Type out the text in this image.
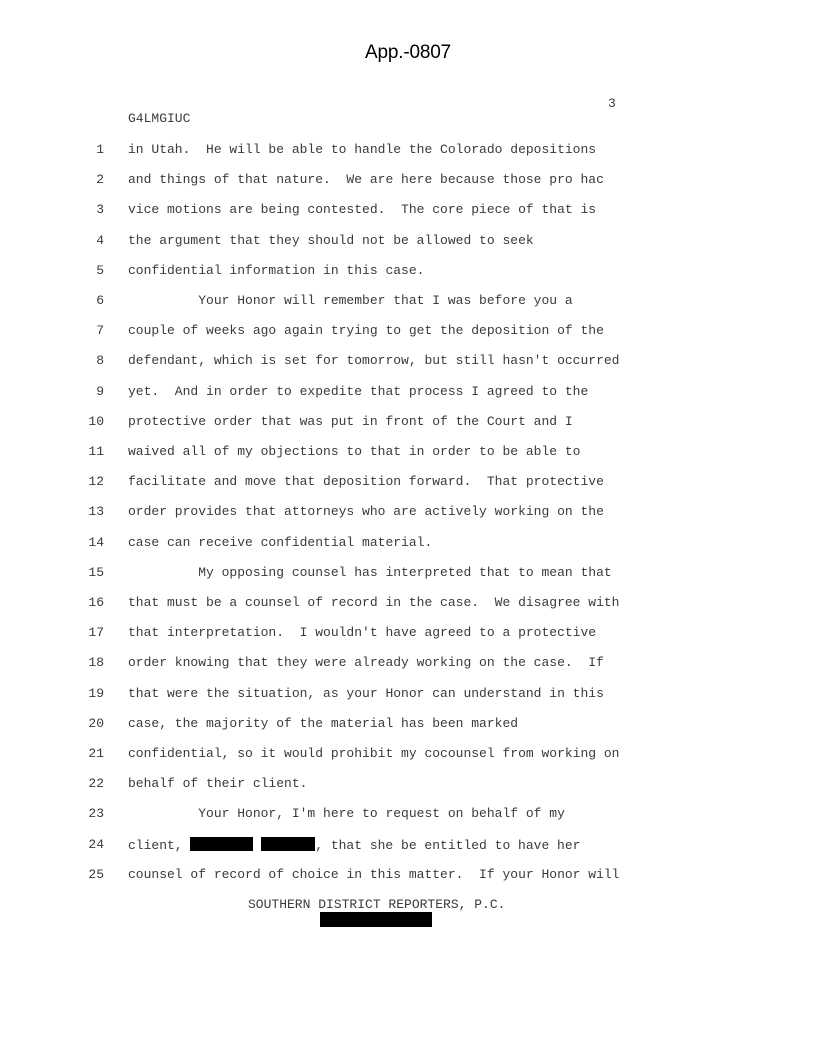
App.-0807
3
G4LMGIUC
1 in Utah.  He will be able to handle the Colorado depositions
2 and things of that nature.  We are here because those pro hac
3 vice motions are being contested.  The core piece of that is
4 the argument that they should not be allowed to seek
5 confidential information in this case.
6 Your Honor will remember that I was before you a
7 couple of weeks ago again trying to get the deposition of the
8 defendant, which is set for tomorrow, but still hasn't occurred
9 yet.  And in order to expedite that process I agreed to the
10 protective order that was put in front of the Court and I
11 waived all of my objections to that in order to be able to
12 facilitate and move that deposition forward.  That protective
13 order provides that attorneys who are actively working on the
14 case can receive confidential material.
15 My opposing counsel has interpreted that to mean that
16 that must be a counsel of record in the case.  We disagree with
17 that interpretation.  I wouldn't have agreed to a protective
18 order knowing that they were already working on the case.  If
19 that were the situation, as your Honor can understand in this
20 case, the majority of the material has been marked
21 confidential, so it would prohibit my cocounsel from working on
22 behalf of their client.
23 Your Honor, I'm here to request on behalf of my
24 client,	, that she be entitled to have her
25 counsel of record of choice in this matter.  If your Honor will
SOUTHERN DISTRICT REPORTERS, P.C.
